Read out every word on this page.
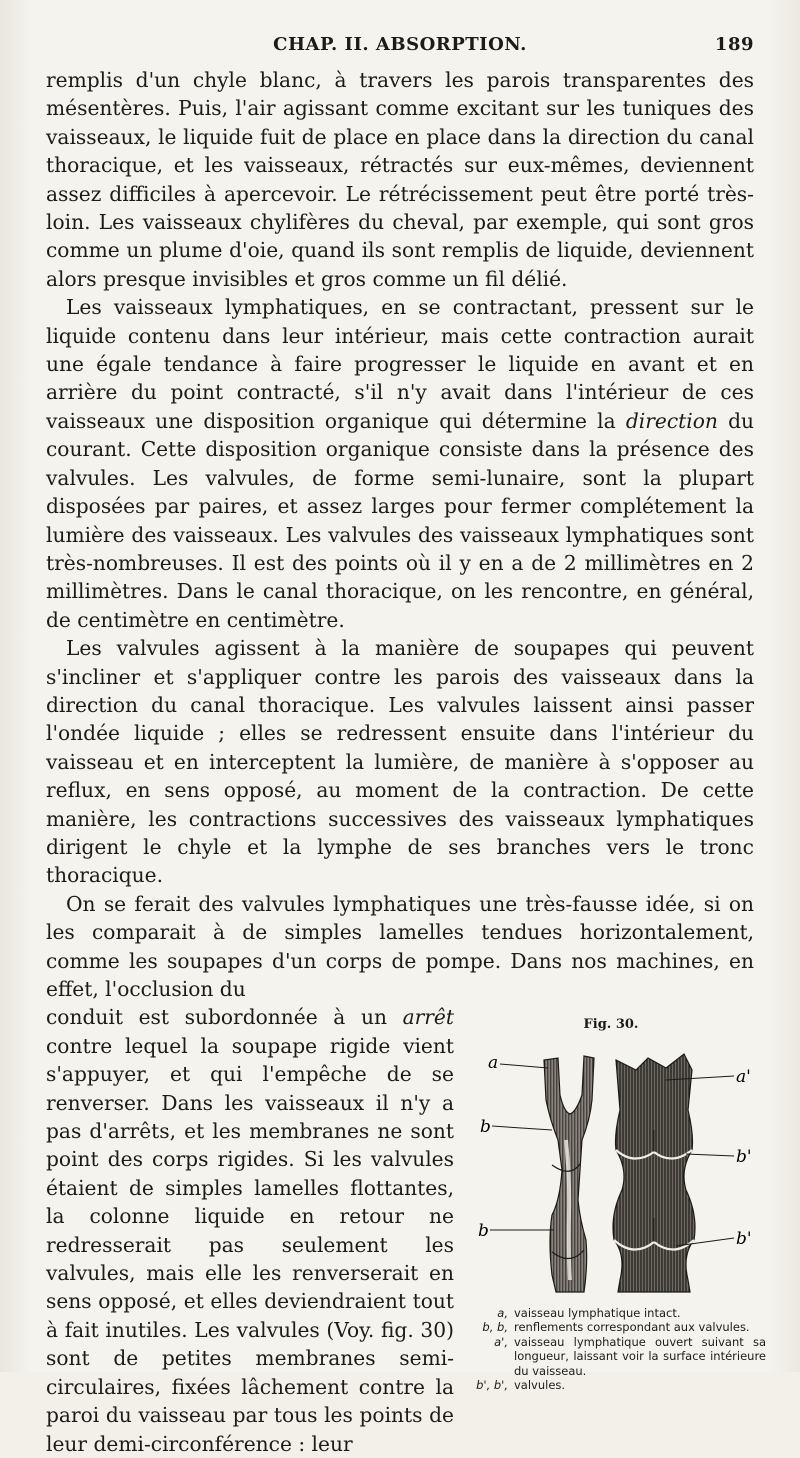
CHAP. II. ABSORPTION.	189

remplis d'un chyle blanc, à travers les parois transparentes des mésentères. Puis, l'air agissant comme excitant sur les tuniques des vaisseaux, le liquide fuit de place en place dans la direction du canal thoracique, et les vaisseaux, rétractés sur eux-mêmes, deviennent assez difficiles à apercevoir. Le rétrécissement peut être porté très-loin. Les vaisseaux chylifères du cheval, par exemple, qui sont gros comme un plume d'oie, quand ils sont remplis de liquide, deviennent alors presque invisibles et gros comme un fil délié.

Les vaisseaux lymphatiques, en se contractant, pressent sur le liquide contenu dans leur intérieur, mais cette contraction aurait une égale tendance à faire progresser le liquide en avant et en arrière du point contracté, s'il n'y avait dans l'intérieur de ces vaisseaux une disposition organique qui détermine la direction du courant. Cette disposition organique consiste dans la présence des valvules. Les valvules, de forme semi-lunaire, sont la plupart disposées par paires, et assez larges pour fermer complétement la lumière des vaisseaux. Les valvules des vaisseaux lymphatiques sont très-nombreuses. Il est des points où il y en a de 2 millimètres en 2 millimètres. Dans le canal thoracique, on les rencontre, en général, de centimètre en centimètre.

Les valvules agissent à la manière de soupapes qui peuvent s'incliner et s'appliquer contre les parois des vaisseaux dans la direction du canal thoracique. Les valvules laissent ainsi passer l'ondée liquide ; elles se redressent ensuite dans l'intérieur du vaisseau et en interceptent la lumière, de manière à s'opposer au reflux, en sens opposé, au moment de la contraction. De cette manière, les contractions successives des vaisseaux lymphatiques dirigent le chyle et la lymphe de ses branches vers le tronc thoracique.

On se ferait des valvules lymphatiques une très-fausse idée, si on les comparait à de simples lamelles tendues horizontalement, comme les soupapes d'un corps de pompe. Dans nos machines, en effet, l'occlusion du

conduit est subordonnée à un arrêt contre lequel la soupape rigide vient s'appuyer, et qui l'empêche de se renverser. Dans les vaisseaux il n'y a pas d'arrêts, et les membranes ne sont point des corps rigides. Si les valvules étaient de simples lamelles flottantes, la colonne liquide en retour ne redresserait pas seulement les valvules, mais elle les renverserait en sens opposé, et elles deviendraient tout à fait inutiles. Les valvules (Voy. fig. 30) sont de petites membranes semi-circulaires, fixées lâchement contre la paroi du vaisseau par tous les points de leur demi-circonférence : leur
Fig. 30.
a
b
b
a'
b'
b'
a, vaisseau lymphatique intact.
b, b, renflements correspondant aux valvules.
a', vaisseau lymphatique ouvert suivant sa longueur, laissant voir la surface intérieure du vaisseau.
b', b', valvules.
